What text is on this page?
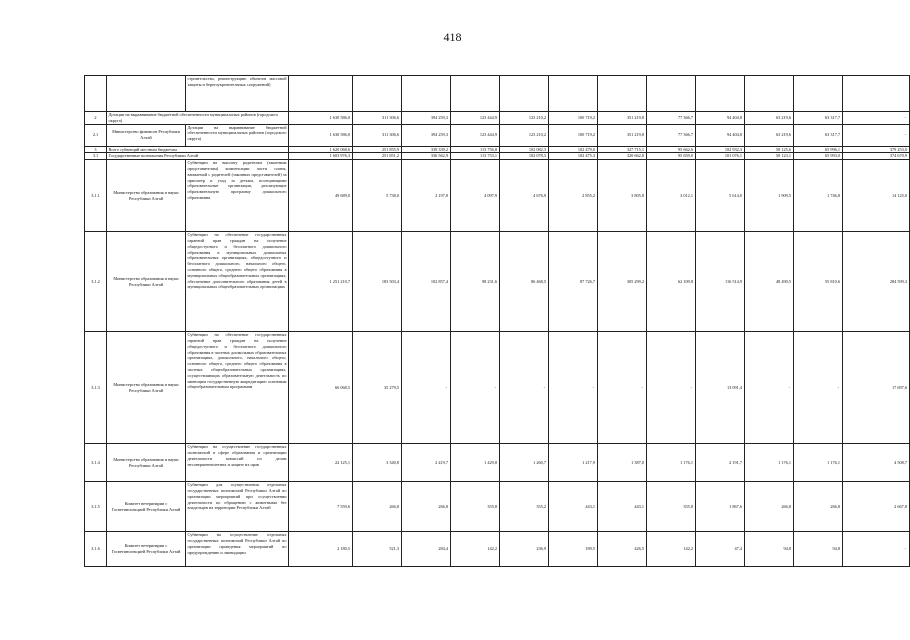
418
		строительство, реконструкцию объектов массовой защиты и берегоукрепительных сооружений)												
2	Дотации на выравнивание бюджетной обеспеченности муниципальных районов (городского округа)		1 630 586,0	311 306,6	394 259,3	123 444,9	123 210,2	100 719,2	351 219,8	77 366,7	94 404,8	63 219,6	63 317,7	-
2.1	Министерство финансов Республики Алтай	Дотации на выравнивание бюджетной обеспеченности муниципальных районов (городского округа)	1 630 586,0	311 306,6	394 259,3	123 444,9	123 210,2	100 719,2	351 219,8	77 366,7	94 404,8	63 219,6	63 317,7	-
3	Всего субвенций местным бюджетам		1 620 068,6	251 855,9	339 339,2	113 756,8	102 082,3	102 479,0	327 715,1	95 662,6	182 932,3	58 125,6	65 996,1	379 253,0
3.1	Государственные полномочия Республики Алтай		1 603 976,3	251 851,2	336 562,9	113 753,1	102 078,3	102 475,3	320 662,8	95 659,0	181 076,1	58 123,1	65 993,0	374 670,9
3.1.1	Министерство образования и науки Республики Алтай	Субвенции на выплату родителям (законным представителям) компенсации части платы, взимаемой с родителей (законных представителей) за присмотр и уход за детьми, посещающими образовательные организации, реализующие образовательную программу дошкольного образования	49 689,0	5 738,0	2 197,8	4 097,9	4 676,9	2 855,2	3 805,8	3 012,1	5 614,0	1 909,5	1 746,8	14 125,0
3.1.2	Министерство образования и науки Республики Алтай	Субвенции на обеспечение государственных гарантий прав граждан на получение общедоступного и бесплатного дошкольного образования в муниципальных дошкольных образовательных организациях, общедоступного и бесплатного дошкольного, начального общего, основного общего, среднего общего образования в муниципальных общеобразовательных организациях, обеспечение дополнительного образования детей в муниципальных общеобразовательных организациях	1 251 210,7	183 503,4	102 857,4	98 231,6	86 468,5	87 726,7	305 299,2	62 109,8	116 514,9	48 490,5	55 810,6	284 599,3
3.1.3	Министерство образования и науки Республики Алтай	Субвенции на обеспечение государственных гарантий прав граждан на получение общедоступного и бесплатного дошкольного образования в частных дошкольных образовательных организациях, дошкольного, начального общего, основного общего, среднего общего образования в частных общеобразовательных организациях, осуществляющих образовательную деятельность по имеющим государственную аккредитацию основным общеобразовательным программам	66 068,5	35 279,5	-	-	-	-	-	-	13 091,4	-	-	17 697,6
3.1.4	Министерство образования и науки Республики Алтай	Субвенции на осуществление государственных полномочий в сфере образования и организации деятельности комиссий по делам несовершеннолетних и защите их прав	22 125,1	3 340,8	2 419,7	1 429,8	1 260,7	1 217,9	1 387,0	1 176,1	2 191,7	1 176,1	1 176,1	4 508,7
3.1.5	Комитет ветеринарии с Госветинспекцией Республики Алтай	Субвенции для осуществления отдельных государственных полномочий Республики Алтай по организации мероприятий при осуществлении деятельности по обращению с животными без владельцев на территории Республики Алтай	7 559,6	266,8	266,8	355,8	355,2	443,1	443,1	355,8	1 867,6	266,8	266,8	2 667,8
3.1.6	Комитет ветеринарии с Госветинспекцией Республики Алтай	Субвенции на осуществление отдельных государственных полномочий Республики Алтай по организации проведения мероприятий по предупреждению и ликвидации	2 180,5	521,3	284,4	142,2	236,9	189,5	426,5	142,2	47,4	94,8	94,8	-
